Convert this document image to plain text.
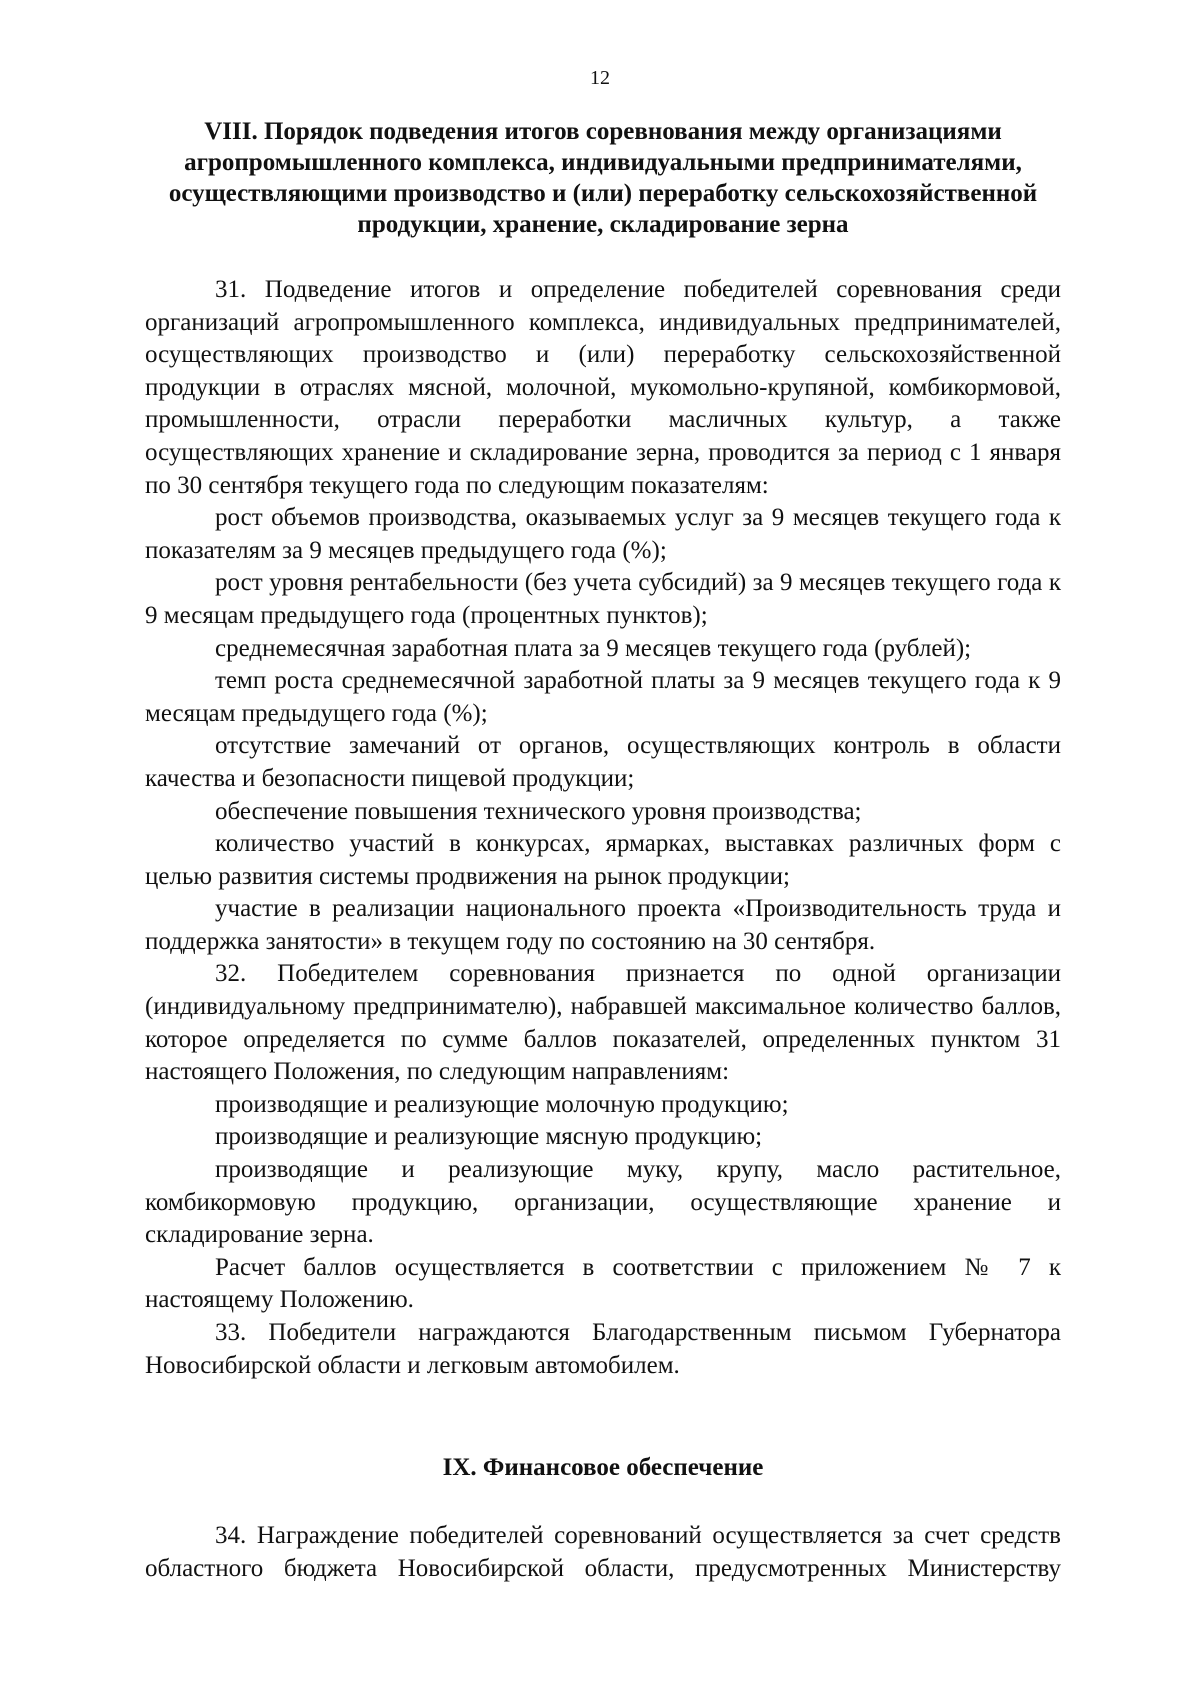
12
VIII. Порядок подведения итогов соревнования между организациями
агропромышленного комплекса, индивидуальными предпринимателями,
осуществляющими производство и (или) переработку сельскохозяйственной
продукции, хранение, складирование зерна

31. Подведение итогов и определение победителей соревнования среди организаций агропромышленного комплекса, индивидуальных предпринимателей, осуществляющих производство и (или) переработку сельскохозяйственной продукции в отраслях мясной, молочной, мукомольно-крупяной, комбикормовой, промышленности, отрасли переработки масличных культур, а также осуществляющих хранение и складирование зерна, проводится за период с 1 января по 30 сентября текущего года по следующим показателям:

рост объемов производства, оказываемых услуг за 9 месяцев текущего года к показателям за 9 месяцев предыдущего года (%);

рост уровня рентабельности (без учета субсидий) за 9 месяцев текущего года к 9 месяцам предыдущего года (процентных пунктов);

среднемесячная заработная плата за 9 месяцев текущего года (рублей);

темп роста среднемесячной заработной платы за 9 месяцев текущего года к 9 месяцам предыдущего года (%);

отсутствие замечаний от органов, осуществляющих контроль в области качества и безопасности пищевой продукции;

обеспечение повышения технического уровня производства;

количество участий в конкурсах, ярмарках, выставках различных форм с целью развития системы продвижения на рынок продукции;

участие в реализации национального проекта «Производительность труда и поддержка занятости» в текущем году по состоянию на 30 сентября.

32. Победителем соревнования признается по одной организации (индивидуальному предпринимателю), набравшей максимальное количество баллов, которое определяется по сумме баллов показателей, определенных пунктом 31 настоящего Положения, по следующим направлениям:

производящие и реализующие молочную продукцию;

производящие и реализующие мясную продукцию;

производящие и реализующие муку, крупу, масло растительное, комбикормовую продукцию, организации, осуществляющие хранение и складирование зерна.

Расчет баллов осуществляется в соответствии с приложением № 7 к настоящему Положению.

33. Победители награждаются Благодарственным письмом Губернатора Новосибирской области и легковым автомобилем.

IX. Финансовое обеспечение

34. Награждение победителей соревнований осуществляется за счет средств областного бюджета Новосибирской области, предусмотренных Министерству
